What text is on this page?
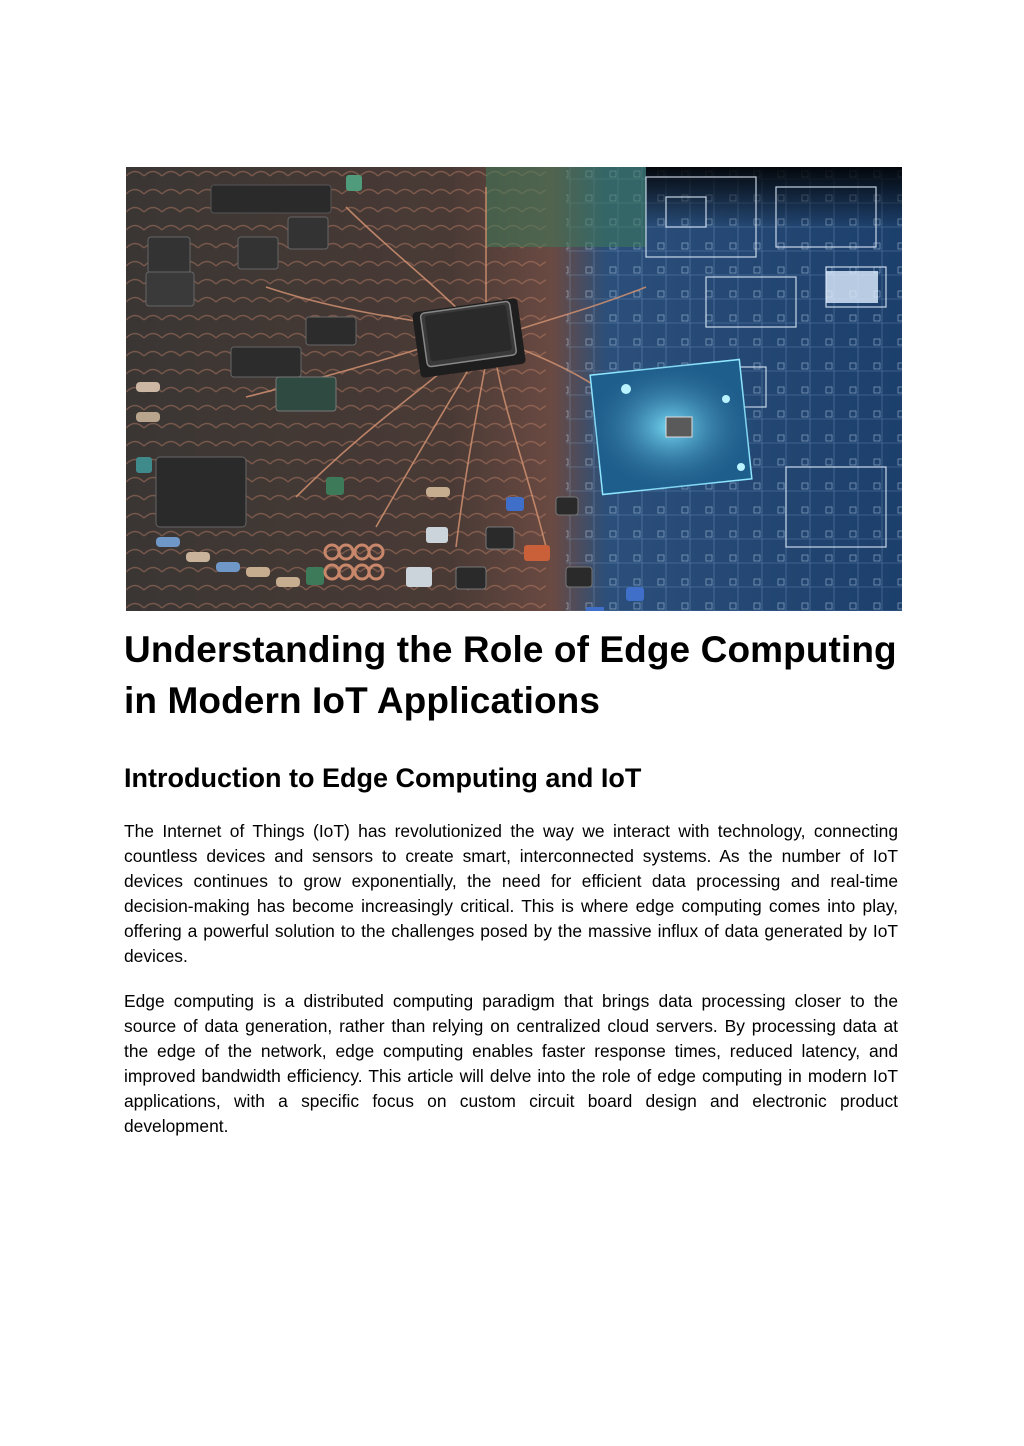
Understanding the Role of Edge Computing in Modern IoT Applications
Introduction to Edge Computing and IoT

The Internet of Things (IoT) has revolutionized the way we interact with technology, connecting countless devices and sensors to create smart, interconnected systems. As the number of IoT devices continues to grow exponentially, the need for efficient data processing and real-time decision-making has become increasingly critical. This is where edge computing comes into play, offering a powerful solution to the challenges posed by the massive influx of data generated by IoT devices.

Edge computing is a distributed computing paradigm that brings data processing closer to the source of data generation, rather than relying on centralized cloud servers. By processing data at the edge of the network, edge computing enables faster response times, reduced latency, and improved bandwidth efficiency. This article will delve into the role of edge computing in modern IoT applications, with a specific focus on custom circuit board design and electronic product development.
